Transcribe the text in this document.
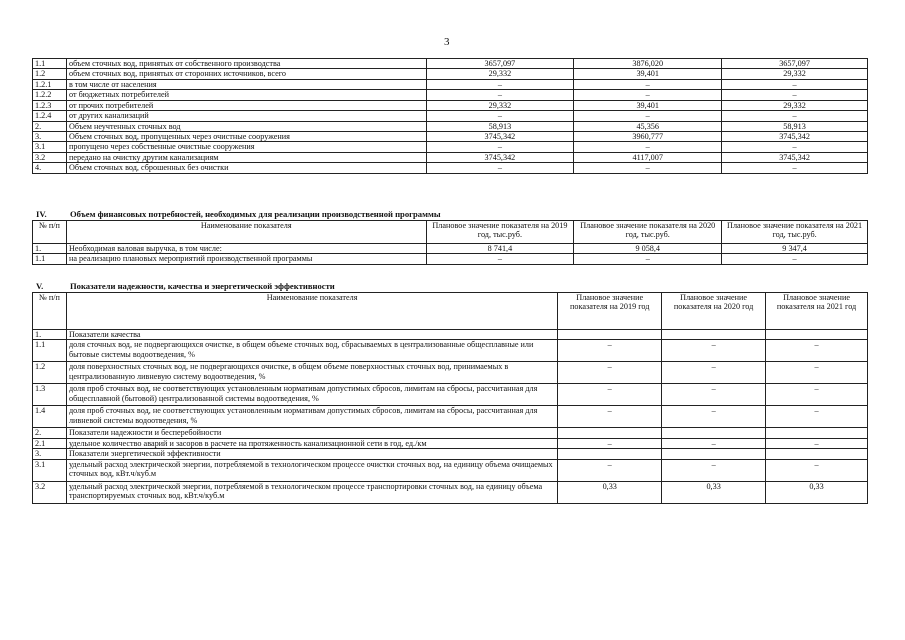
3
1.1	объем сточных вод, принятых от собственного производства	3657,097	3876,020	3657,097
1.2	объем сточных вод, принятых от сторонних источников, всего	29,332	39,401	29,332
1.2.1	в том числе от населения	–	–	–
1.2.2	от бюджетных потребителей	–	–	–
1.2.3	от прочих потребителей	29,332	39,401	29,332
1.2.4	от других канализаций	–	–	–
2.	Объем неучтенных сточных вод	58,913	45,356	58,913
3.	Объем сточных вод, пропущенных через очистные сооружения	3745,342	3960,777	3745,342
3.1	пропущено через собственные очистные сооружения	–	–	–
3.2	передано на очистку другим канализациям	3745,342	4117,007	3745,342
4.	Объем сточных вод, сброшенных без очистки	–	–	–
IV.	Объем финансовых потребностей, необходимых для реализации производственной программы
№ п/п	Наименование показателя	Плановое значение показателя на 2019 год, тыс.руб.	Плановое значение показателя на 2020 год, тыс.руб.	Плановое значение показателя на 2021 год, тыс.руб.
1.	Необходимая валовая выручка, в том числе:	8 741,4	9 058,4	9 347,4
1.1	на реализацию плановых мероприятий производственной программы	–	–	–
V.	Показатели надежности, качества и энергетической эффективности
№ п/п	Наименование показателя	Плановое значение показателя на 2019 год	Плановое значение показателя на 2020 год	Плановое значение показателя на 2021 год
1.	Показатели качества			
1.1	доля сточных вод, не подвергающихся очистке, в общем объеме сточных вод, сбрасываемых в централизованные общесплавные или бытовые системы водоотведения, %	–	–	–
1.2	доля поверхностных сточных вод, не подвергающихся очистке, в общем объеме поверхностных сточных вод, принимаемых в централизованную ливневую систему водоотведения, %	–	–	–
1.3	доля проб сточных вод, не соответствующих установленным нормативам допустимых сбросов, лимитам на сбросы, рассчитанная для общесплавной (бытовой) централизованной системы водоотведения, %	–	–	–
1.4	доля проб сточных вод, не соответствующих установленным нормативам допустимых сбросов, лимитам на сбросы, рассчитанная для ливневой системы водоотведения, %	–	–	–
2.	Показатели надежности и бесперебойности			
2.1	удельное количество аварий и засоров в расчете на протяженность канализационной сети в год, ед./км	–	–	–
3.	Показатели энергетической эффективности			
3.1	удельный расход электрической энергии, потребляемой в технологическом процессе очистки сточных вод, на единицу объема очищаемых сточных вод, кВт.ч/куб.м	–	–	–
3.2	удельный расход электрической энергии, потребляемой в технологическом процессе транспортировки сточных вод, на единицу объема транспортируемых сточных вод, кВт.ч/куб.м	0,33	0,33	0,33
